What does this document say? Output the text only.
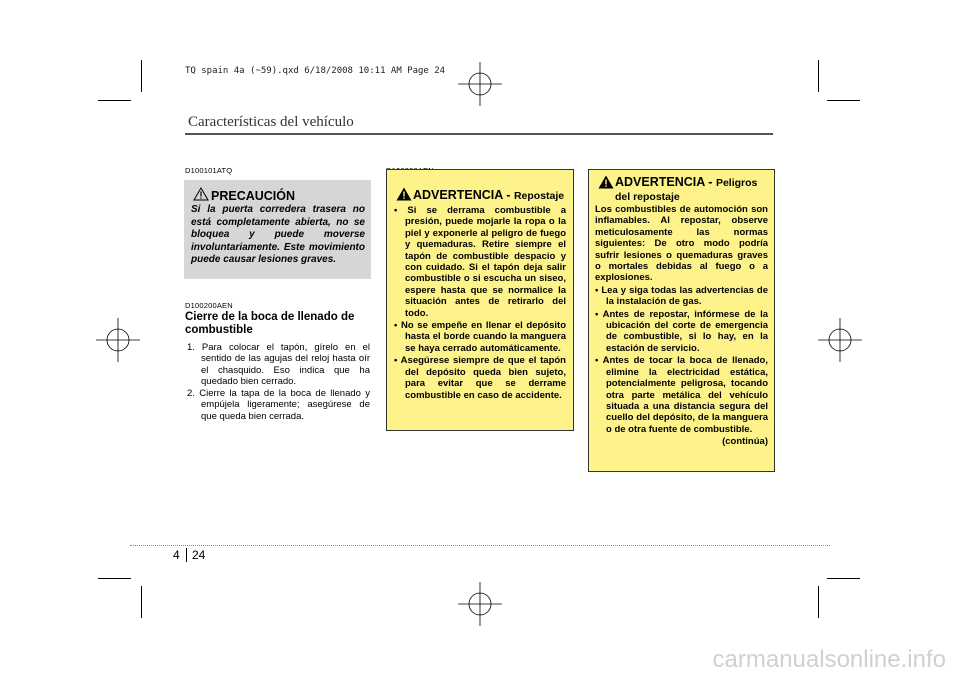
TQ spain 4a (~59).qxd 6/18/2008 10:11 AM Page 24
Características del vehículo
D100101ATQ
PRECAUCIÓN
Si la puerta corredera trasera no está completamente abierta, no se bloquea y puede moverse involuntariamente. Este movimiento puede causar lesiones graves.
D100200AEN
Cierre de la boca de llenado de combustible
1. Para colocar el tapón, gírelo en el sentido de las agujas del reloj hasta oír el chasquido. Eso indica que ha quedado bien cerrado.
2. Cierre la tapa de la boca de llenado y empújela ligeramente; asegúrese de que queda bien cerrada.
ADVERTENCIA - Repostaje
• Si se derrama combustible a presión, puede mojarle la ropa o la piel y exponerle al peligro de fuego y quemaduras. Retire siempre el tapón de combustible despacio y con cuidado. Si el tapón deja salir combustible o si escucha un siseo, espere hasta que se normalice la situación antes de retirarlo del todo.
• No se empeñe en llenar el depósito hasta el borde cuando la manguera se haya cerrado automáticamente.
• Asegúrese siempre de que el tapón del depósito queda bien sujeto, para evitar que se derrame combustible en caso de accidente.
ADVERTENCIA - Peligros
del repostaje
Los combustibles de automoción son inflamables. Al repostar, observe meticulosamente las normas siguientes: De otro modo podría sufrir lesiones o quemaduras graves o mortales debidas al fuego o a explosiones.
• Lea y siga todas las advertencias de la instalación de gas.
• Antes de repostar, infórmese de la ubicación del corte de emergencia de combustible, si lo hay, en la estación de servicio.
• Antes de tocar la boca de llenado, elimine la electricidad estática, potencialmente peligrosa, tocando otra parte metálica del vehículo situada a una distancia segura del cuello del depósito, de la manguera o de otra fuente de combustible.
(continúa)
4 24
carmanualsonline.info
